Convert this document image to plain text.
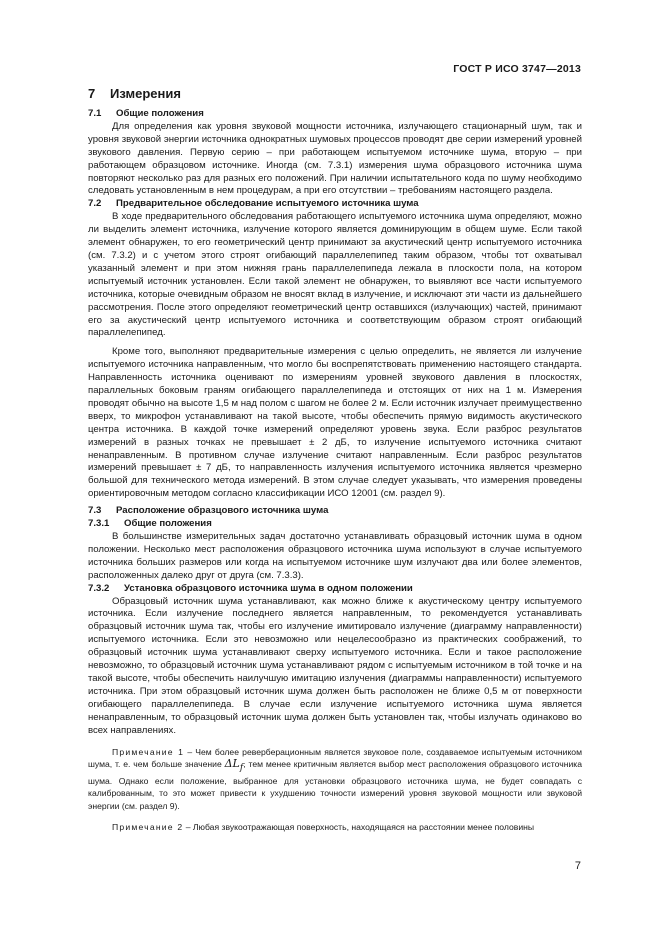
ГОСТ Р ИСО 3747—2013
7 Измерения
7.1 Общие положения

Для определения как уровня звуковой мощности источника, излучающего стационарный шум, так и уровня звуковой энергии источника однократных шумовых процессов проводят две серии измерений уровней звукового давления. Первую серию – при работающем испытуемом источнике шума, вторую – при работающем образцовом источнике. Иногда (см. 7.3.1) измерения шума образцового источника шума повторяют несколько раз для разных его положений. При наличии испытательного кода по шуму необходимо следовать установленным в нем процедурам, а при его отсутствии – требованиям настоящего раздела.

7.2 Предварительное обследование испытуемого источника шума

В ходе предварительного обследования работающего испытуемого источника шума определяют, можно ли выделить элемент источника, излучение которого является доминирующим в общем шуме. Если такой элемент обнаружен, то его геометрический центр принимают за акустический центр испытуемого источника (см. 7.3.2) и с учетом этого строят огибающий параллелепипед таким образом, чтобы тот охватывал указанный элемент и при этом нижняя грань параллелепипеда лежала в плоскости пола, на котором испытуемый источник установлен. Если такой элемент не обнаружен, то выявляют все части испытуемого источника, которые очевидным образом не вносят вклад в излучение, и исключают эти части из дальнейшего рассмотрения. После этого определяют геометрический центр оставшихся (излучающих) частей, принимают его за акустический центр испытуемого источника и соответствующим образом строят огибающий параллелепипед.

Кроме того, выполняют предварительные измерения с целью определить, не является ли излучение испытуемого источника направленным, что могло бы воспрепятствовать применению настоящего стандарта. Направленность источника оценивают по измерениям уровней звукового давления в плоскостях, параллельных боковым граням огибающего параллелепипеда и отстоящих от них на 1 м. Измерения проводят обычно на высоте 1,5 м над полом с шагом не более 2 м. Если источник излучает преимущественно вверх, то микрофон устанавливают на такой высоте, чтобы обеспечить прямую видимость акустического центра источника. В каждой точке измерений определяют уровень звука. Если разброс результатов измерений в разных точках не превышает ± 2 дБ, то излучение испытуемого источника считают ненаправленным. В противном случае излучение считают направленным. Если разброс результатов измерений превышает ± 7 дБ, то направленность излучения испытуемого источника является чрезмерно большой для технического метода измерений. В этом случае следует указывать, что измерения проведены ориентировочным методом согласно классификации ИСО 12001 (см. раздел 9).

7.3 Расположение образцового источника шума
7.3.1 Общие положения

В большинстве измерительных задач достаточно устанавливать образцовый источник шума в одном положении. Несколько мест расположения образцового источника шума используют в случае испытуемого источника больших размеров или когда на испытуемом источнике шум излучают два или более элементов, расположенных далеко друг от друга (см. 7.3.3).

7.3.2 Установка образцового источника шума в одном положении

Образцовый источник шума устанавливают, как можно ближе к акустическому центру испытуемого источника. Если излучение последнего является направленным, то рекомендуется устанавливать образцовый источник шума так, чтобы его излучение имитировало излучение (диаграмму направленности) испытуемого источника. Если это невозможно или нецелесообразно из практических соображений, то образцовый источник шума устанавливают сверху испытуемого источника. Если и такое расположение невозможно, то образцовый источник шума устанавливают рядом с испытуемым источником в той точке и на такой высоте, чтобы обеспечить наилучшую имитацию излучения (диаграммы направленности) испытуемого источника. При этом образцовый источник шума должен быть расположен не ближе 0,5 м от поверхности огибающего параллелепипеда. В случае если излучение испытуемого источника шума является ненаправленным, то образцовый источник шума должен быть установлен так, чтобы излучать одинаково во всех направлениях.

Примечание 1 – Чем более реверберационным является звуковое поле, создаваемое испытуемым источником шума, т. е. чем больше значение $\Delta L_f$, тем менее критичным является выбор мест расположения образцового источника шума. Однако если положение, выбранное для установки образцового источника шума, не будет совпадать с калиброванным, то это может привести к ухудшению точности измерений уровня звуковой мощности или звуковой энергии (см. раздел 9).

Примечание 2 – Любая звукоотражающая поверхность, находящаяся на расстоянии менее половины

7
